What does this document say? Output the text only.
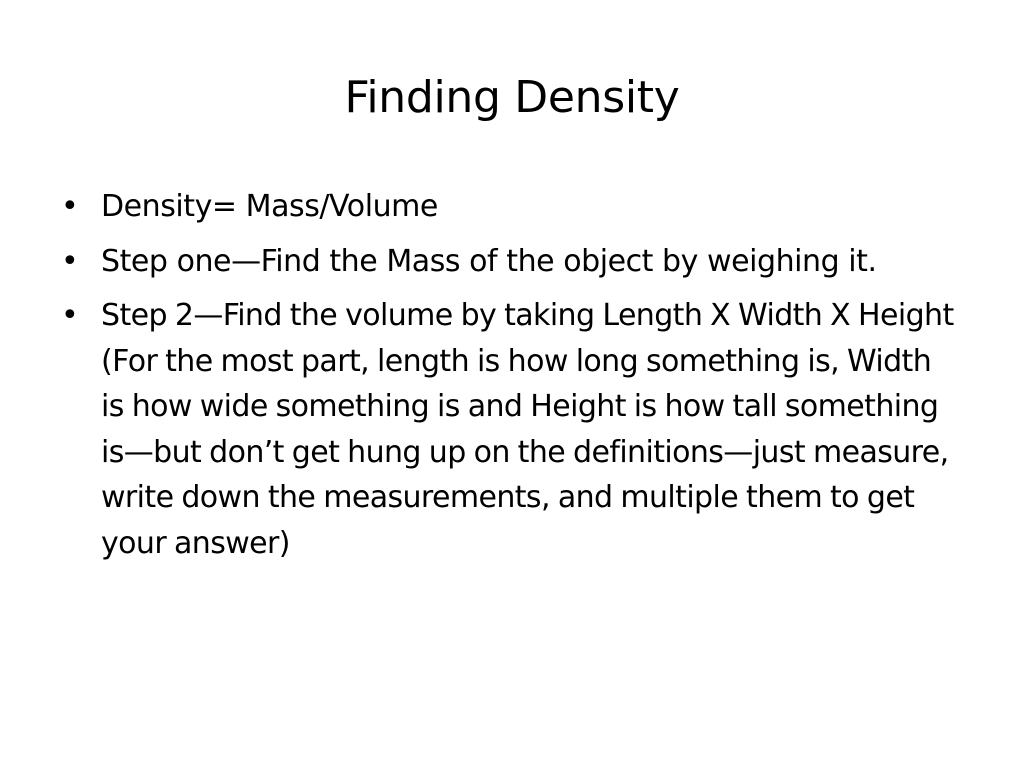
Finding Density
• Density= Mass/Volume
• Step one—Find the Mass of the object by weighing it.
• Step 2—Find the volume by taking Length X Width X Height  (For the most part, length is how long something is, Width is how wide something is and Height is how tall something is—but don’t get hung up on the definitions—just measure, write down the measurements, and multiple them to get your answer)
